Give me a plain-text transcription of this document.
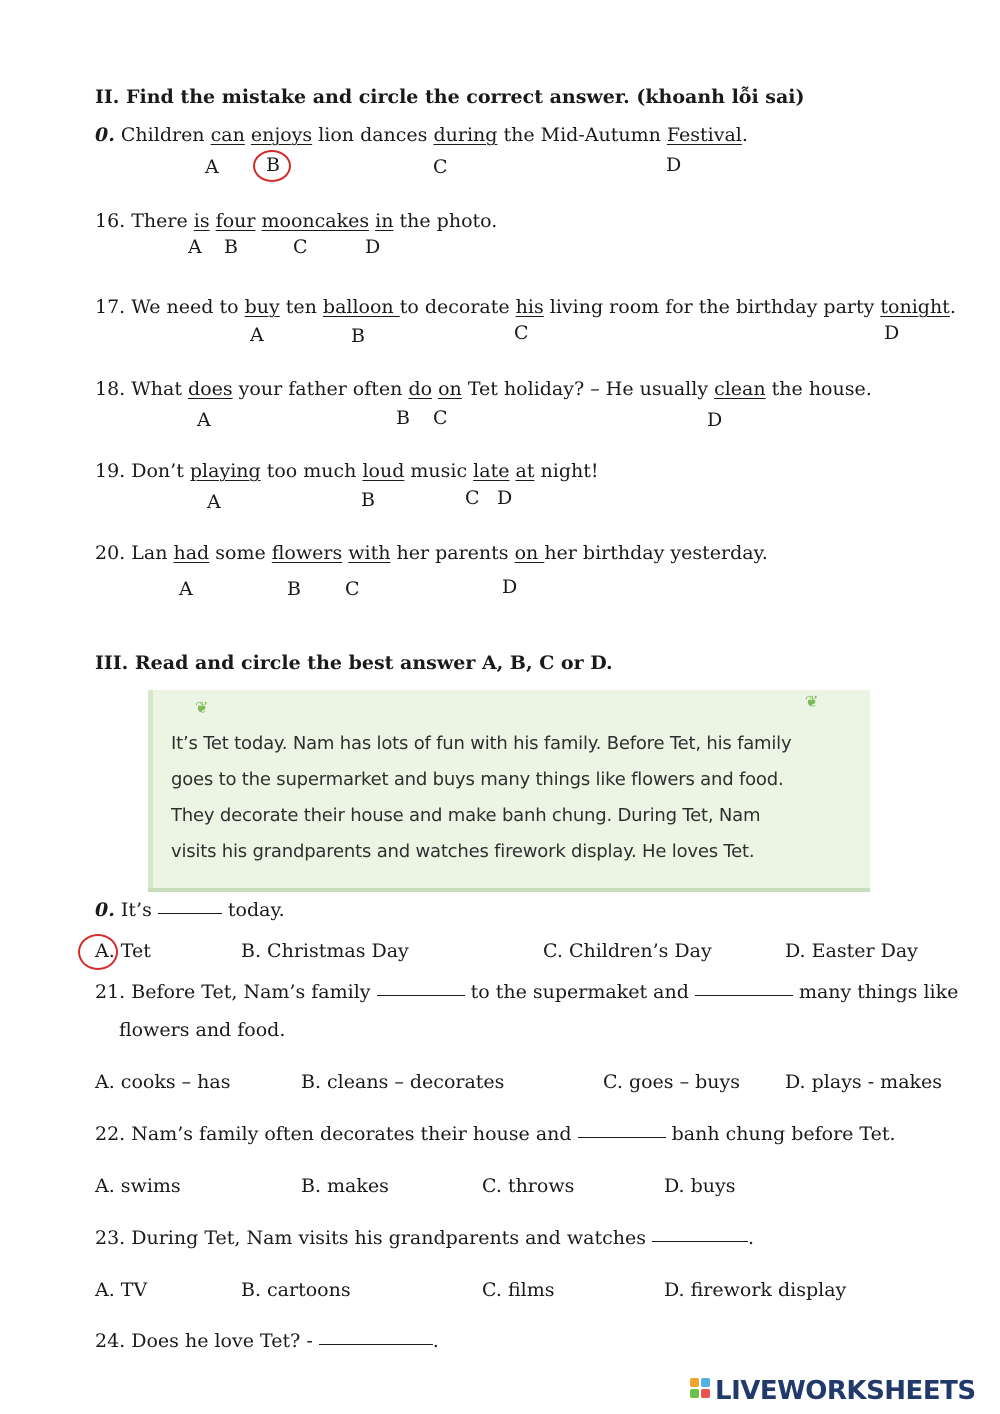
II. Find the mistake and circle the correct answer. (khoanh lỗi sai)
0. Children can enjoys lion dances during the Mid-Autumn Festival.
A B	C	D
16. There is four mooncakes in the photo.
A B	C	D
17. We need to buy ten balloon to decorate his living room for the birthday party tonight.
A	B	C	D
18. What does your father often do on Tet holiday? – He usually clean the house.
A	B C	D
19. Don’t playing too much loud music late at night!
A	B	C D
20. Lan had some flowers with her parents on her birthday yesterday.
A	B C	D
III. Read and circle the best answer A, B, C or D.
❦	❦

It’s Tet today. Nam has lots of fun with his family. Before Tet, his family

goes to the supermarket and buys many things like flowers and food.

They decorate their house and make banh chung. During Tet, Nam

visits his grandparents and watches firework display. He loves Tet.

0. It’s	today.
A. Tet	B. Christmas Day	C. Children’s Day	D. Easter Day
21. Before Tet, Nam’s family	to the supermaket and	many things like
flowers and food.
A. cooks – has	B. cleans – decorates	C. goes – buys D. plays - makes
22. Nam’s family often decorates their house and	banh chung before Tet.
A. swims	B. makes	C. throws	D. buys
23. During Tet, Nam visits his grandparents and watches	.
A. TV	B. cartoons	C. films	D. firework display
24. Does he love Tet? -	.
LIVEWORKSHEETS
